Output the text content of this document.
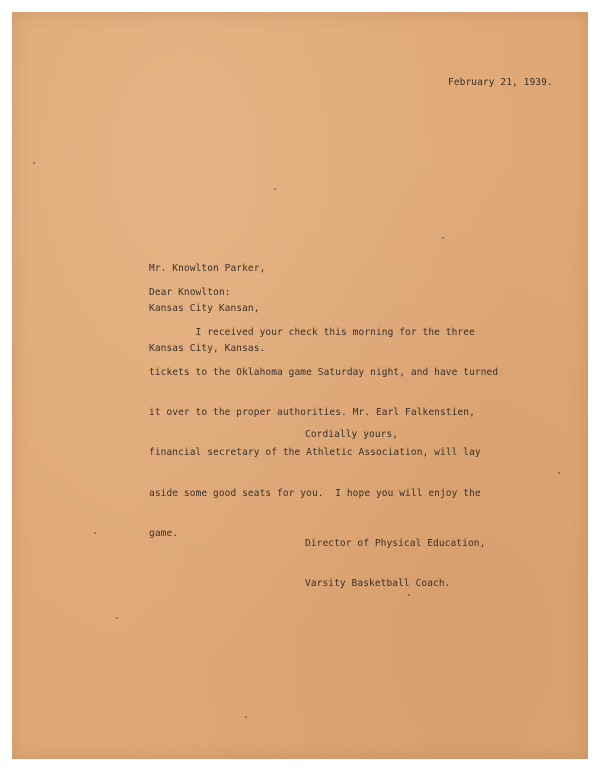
February 21, 1939.

Mr. Knowlton Parker,

Kansas City Kansan,

Kansas City, Kansas.

Dear Knowlton:

I received your check this morning for the three

tickets to the Oklahoma game Saturday night, and have turned

it over to the proper authorities. Mr. Earl Falkenstien,

financial secretary of the Athletic Association, will lay

aside some good seats for you.  I hope you will enjoy the

game.

Cordially yours,

Director of Physical Education,

Varsity Basketball Coach.
